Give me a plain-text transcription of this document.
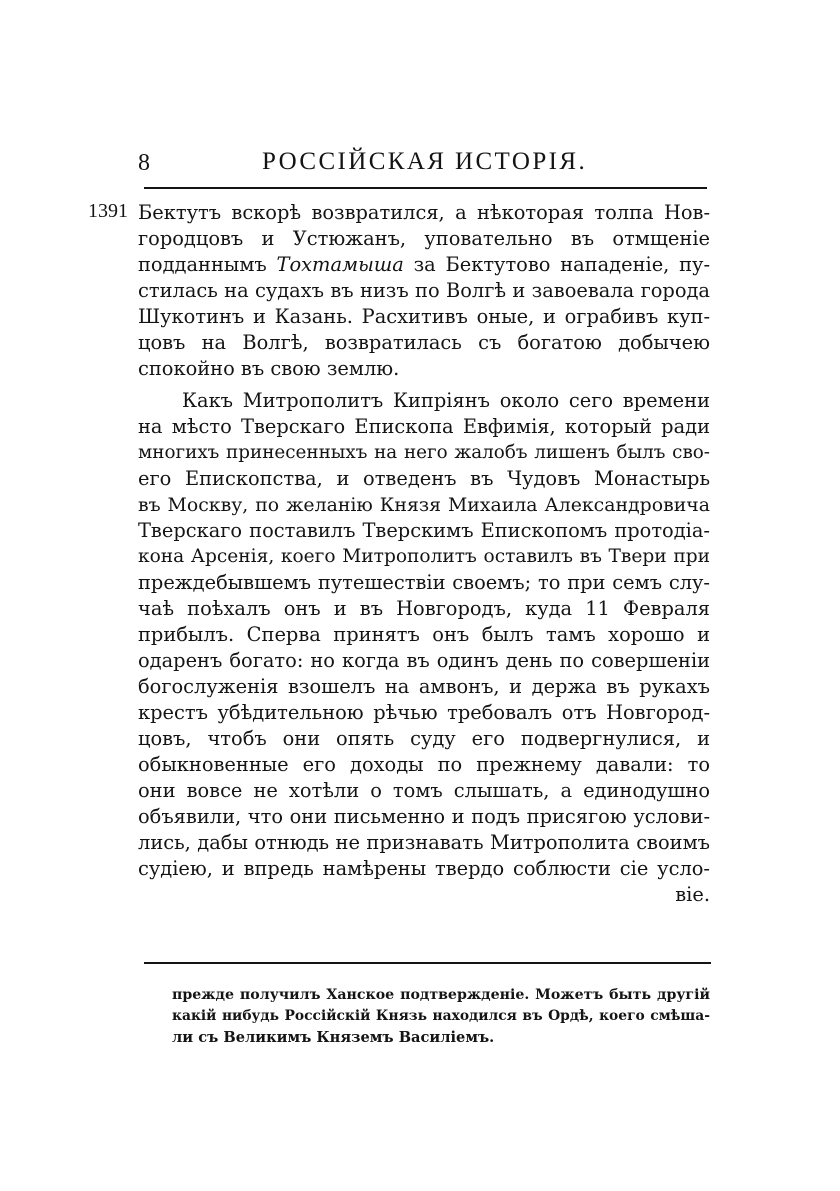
8	РОССІЙСКАЯ ИСТОРІЯ.
1391 Бектутъ вскорѣ возвратился, а нѣкоторая толпа Нов-
городцовъ и Устюжанъ, уповательно въ отмщеніе
подданнымъ Тохтамыша за Бектутово нападеніе, пу-
стилась на судахъ въ низъ по Волгѣ и завоевала города
Шукотинъ и Казань. Расхитивъ оные, и ограбивъ куп-
цовъ на Волгѣ, возвратилась съ богатою добычею
спокойно въ свою землю.
Какъ Митрополитъ Кипріянъ около сего времени
на мѣсто Тверскаго Епископа Евфимія, который ради
многихъ принесенныхъ на него жалобъ лишенъ былъ сво-
его Епископства, и отведенъ въ Чудовъ Монастырь
въ Москву, по желанію Князя Михаила Александровича
Тверскаго поставилъ Тверскимъ Епископомъ протодіа-
кона Арсенія, коего Митрополитъ оставилъ въ Твери при
преждебывшемъ путешествіи своемъ; то при семъ слу-
чаѣ поѣхалъ онъ и въ Новгородъ, куда 11 Февраля
прибылъ. Сперва принятъ онъ былъ тамъ хорошо и
одаренъ богато: но когда въ одинъ день по совершеніи
богослуженія взошелъ на амвонъ, и держа въ рукахъ
крестъ убѣдительною рѣчью требовалъ отъ Новгород-
цовъ, чтобъ они опять суду его подвергнулися, и
обыкновенные его доходы по прежнему давали: то
они вовсе не хотѣли о томъ слышать, а единодушно
объявили, что они письменно и подъ присягою услови-
лись, дабы отнюдь не признавать Митрополита своимъ
судіею, и впредь намѣрены твердо соблюсти сіе усло-
віе.
прежде получилъ Ханское подтвержденіе. Можетъ быть другій
какій нибудь Россійскій Князь находился въ Ордѣ, коего смѣша-
ли съ Великимъ Княземъ Василіемъ.
